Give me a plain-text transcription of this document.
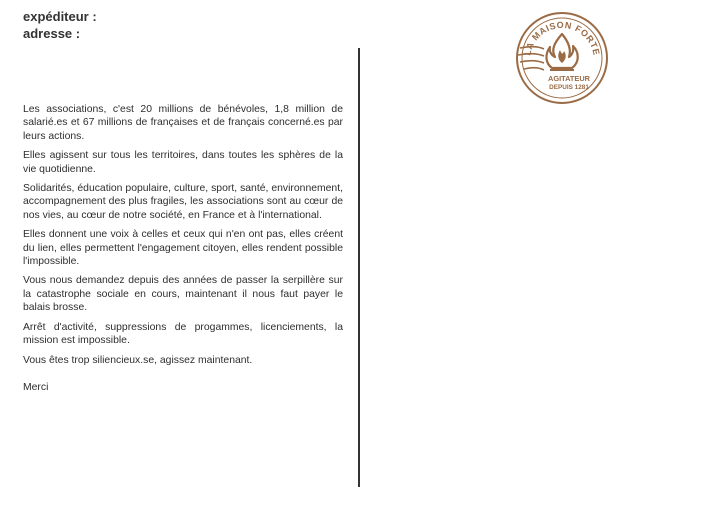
expéditeur :
adresse :

Les associations, c'est 20 millions de bénévoles, 1,8 million de salarié.es et 67 millions de françaises et de français concerné.es par leurs actions.

Elles agissent sur tous les territoires, dans toutes les sphères de la vie quotidienne.

Solidarités, éducation populaire, culture, sport, santé, environnement, accompagnement des plus fragiles, les associations sont au cœur de nos vies, au cœur de notre société, en France et à l'international.

Elles donnent une voix à celles et ceux qui n'en ont pas, elles créent du lien, elles permettent l'engagement citoyen, elles rendent possible l'impossible.

Vous nous demandez depuis des années de passer la serpillère sur la catastrophe sociale en cours, maintenant il nous faut payer le balais brosse.

Arrêt d'activité, suppressions de progammes, licenciements, la mission est impossible.

Vous êtes trop siliencieux.se, agissez maintenant.

Merci

LA MAISON FORTE
AGITATEUR
DEPUIS 1281
